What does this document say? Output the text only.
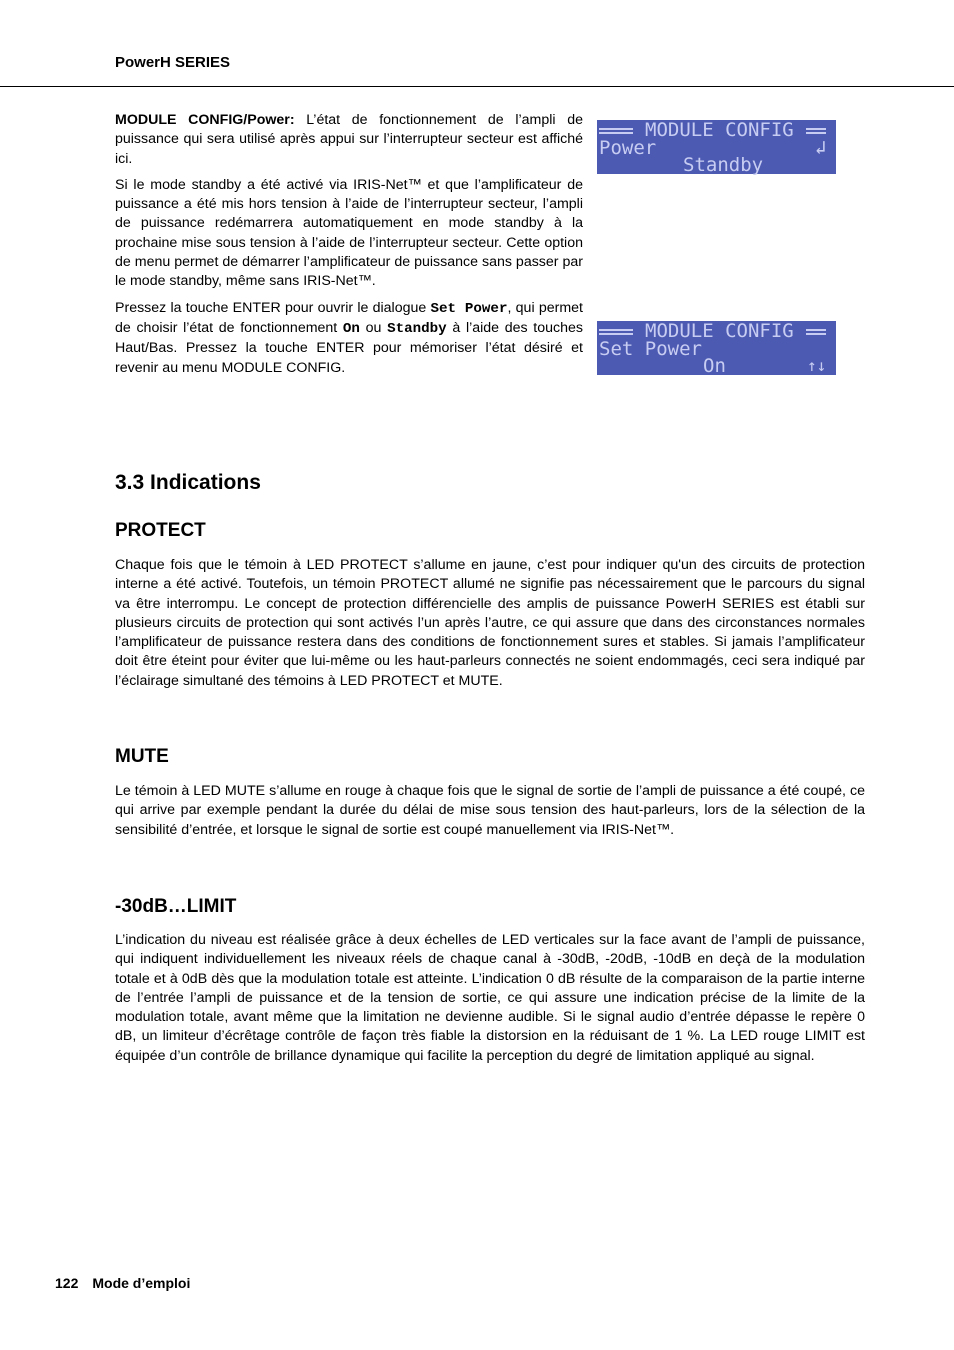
PowerH SERIES

MODULE CONFIG/Power: L’état de fonctionnement de l’ampli de puissance qui sera utilisé après appui sur l’interrupteur secteur est affiché ici.

Si le mode standby a été activé via IRIS-Net™ et que l’amplificateur de puissance a été mis hors tension à l’aide de l’interrupteur secteur, l’ampli de puissance redémarrera automatiquement en mode standby à la prochaine mise sous tension à l’aide de l’interrupteur secteur. Cette option de menu permet de démarrer l’amplificateur de puissance sans passer par le mode standby, même sans IRIS-Net™.

Pressez la touche ENTER pour ouvrir le dialogue Set Power, qui permet de choisir l’état de fonctionnement On ou Standby à l’aide des touches Haut/Bas. Pressez la touche ENTER pour mémoriser l’état désiré et revenir au menu MODULE CONFIG.

MODULE CONFIG
Power	↲
Standby
MODULE CONFIG
Set Power
On	↑↓
3.3 Indications
PROTECT

Chaque fois que le témoin à LED PROTECT s’allume en jaune, c’est pour indiquer qu'un des circuits de protection interne a été activé. Toutefois, un témoin PROTECT allumé ne signifie pas nécessairement que le parcours du signal va être interrompu. Le concept de protection différencielle des amplis de puissance PowerH SERIES est établi sur plusieurs circuits de protection qui sont activés l’un après l’autre, ce qui assure que dans des circonstances normales l’amplificateur de puissance restera dans des conditions de fonctionnement sures et stables. Si jamais l’amplificateur doit être éteint pour éviter que lui-même ou les haut-parleurs connectés ne soient endommagés, ceci sera indiqué par l’éclairage simultané des témoins à LED PROTECT et MUTE.

MUTE

Le témoin à LED MUTE s’allume en rouge à chaque fois que le signal de sortie de l’ampli de puissance a été coupé, ce qui arrive par exemple pendant la durée du délai de mise sous tension des haut-parleurs, lors de la sélection de la sensibilité d’entrée, et lorsque le signal de sortie est coupé manuellement via IRIS-Net™.

-30dB…LIMIT

L’indication du niveau est réalisée grâce à deux échelles de LED verticales sur la face avant de l’ampli de puissance, qui indiquent individuellement les niveaux réels de chaque canal à -30dB, -20dB, -10dB en deçà de la modulation totale et à 0dB dès que la modulation totale est atteinte. L’indication 0 dB résulte de la comparaison de la partie interne de l’entrée l’ampli de puissance et de la tension de sortie, ce qui assure une indication précise de la limite de la modulation totale, avant même que la limitation ne devienne audible. Si le signal audio d’entrée dépasse le repère 0 dB, un limiteur d’écrêtage contrôle de façon très fiable la distorsion en la réduisant de 1 %. La LED rouge LIMIT est équipée d’un contrôle de brillance dynamique qui facilite la perception du degré de limitation appliqué au signal.

122 Mode d’emploi
